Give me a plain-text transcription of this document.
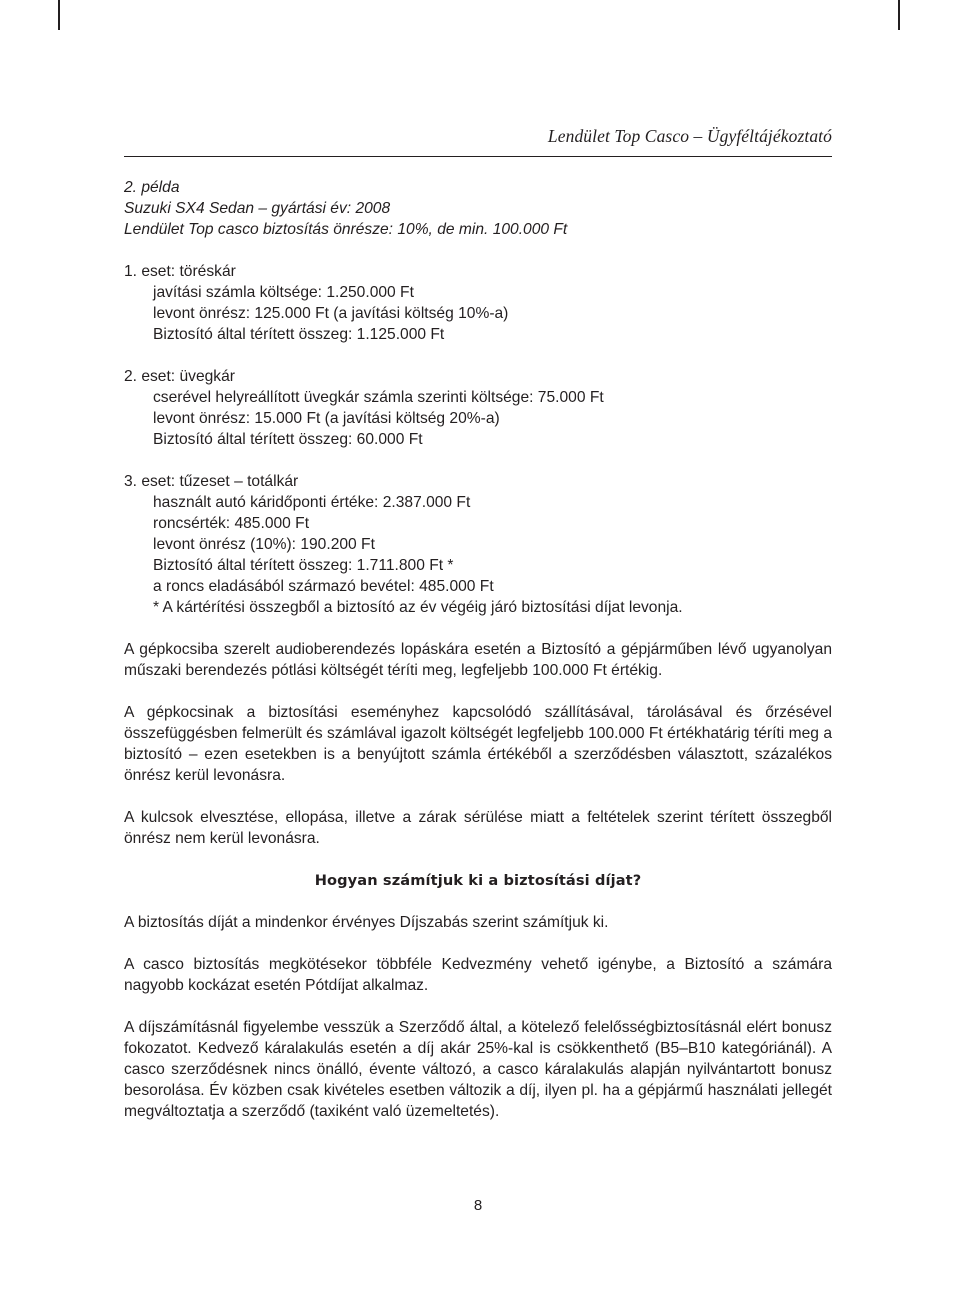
Lendület Top Casco – Ügyféltájékoztató
2. példa
Suzuki SX4 Sedan – gyártási év: 2008
Lendület Top casco biztosítás önrésze: 10%, de min. 100.000 Ft
1. eset: töréskár
javítási számla költsége: 1.250.000 Ft
levont önrész: 125.000 Ft (a javítási költség 10%-a)
Biztosító által térített összeg: 1.125.000 Ft
2. eset: üvegkár
cserével helyreállított üvegkár számla szerinti költsége: 75.000 Ft
levont önrész: 15.000 Ft (a javítási költség 20%-a)
Biztosító által térített összeg: 60.000 Ft
3. eset: tűzeset – totálkár
használt autó káridőponti értéke: 2.387.000 Ft
roncsérték: 485.000 Ft
levont önrész (10%): 190.200 Ft
Biztosító által térített összeg: 1.711.800 Ft *
a roncs eladásából származó bevétel: 485.000 Ft
* A kártérítési összegből a biztosító az év végéig járó biztosítási díjat levonja.

A gépkocsiba szerelt audioberendezés lopáskára esetén a Biztosító a gépjárműben lévő ugyanolyan műszaki berendezés pótlási költségét téríti meg, legfeljebb 100.000 Ft értékig.

A gépkocsinak a biztosítási eseményhez kapcsolódó szállításával, tárolásával és őrzésével összefüggésben felmerült és számlával igazolt költségét legfeljebb 100.000 Ft értékhatárig téríti meg a biztosító – ezen esetekben is a benyújtott számla értékéből a szerződésben választott, százalékos önrész kerül levonásra.

A kulcsok elvesztése, ellopása, illetve a zárak sérülése miatt a feltételek szerint térített összegből önrész nem kerül levonásra.

Hogyan számítjuk ki a biztosítási díjat?

A biztosítás díját a mindenkor érvényes Díjszabás szerint számítjuk ki.

A casco biztosítás megkötésekor többféle Kedvezmény vehető igénybe, a Biztosító a számára nagyobb kockázat esetén Pótdíjat alkalmaz.

A díjszámításnál figyelembe vesszük a Szerződő által, a kötelező felelősségbiztosításnál elért bonusz fokozatot. Kedvező káralakulás esetén a díj akár 25%-kal is csökkenthető (B5–B10 kategóriánál). A casco szerződésnek nincs önálló, évente változó, a casco káralakulás alapján nyilvántartott bonusz besorolása. Év közben csak kivételes esetben változik a díj, ilyen pl. ha a gépjármű használati jellegét megváltoztatja a szerződő (taxiként való üzemeltetés).

8
